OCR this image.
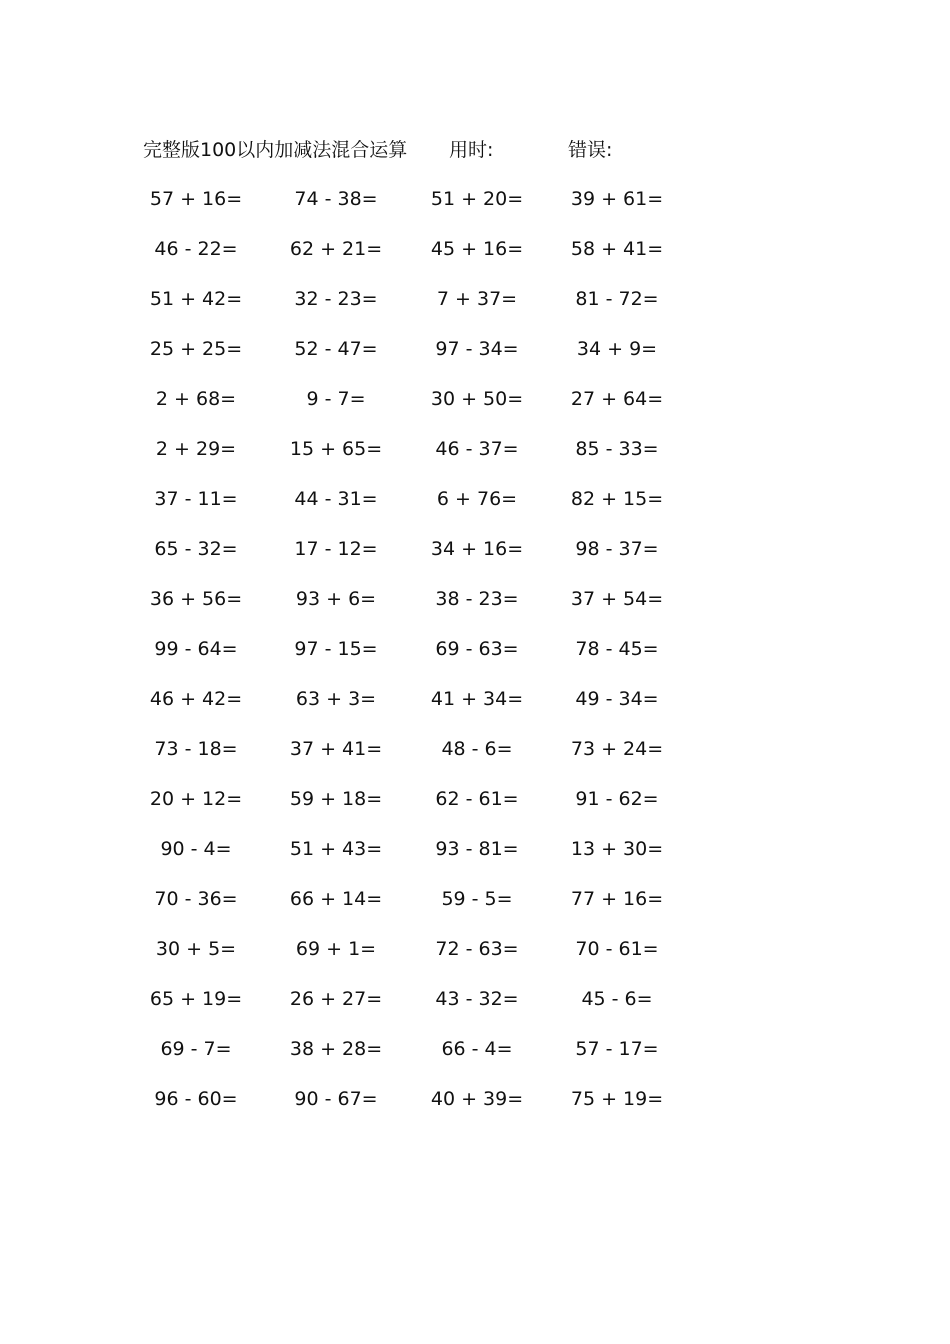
完整版100以内加减法混合运算 用时:	错误:
57 + 16=	74 - 38=	51 + 20=	39 + 61=
46 - 22=	62 + 21=	45 + 16=	58 + 41=
51 + 42=	32 - 23=	7 + 37=	81 - 72=
25 + 25=	52 - 47=	97 - 34=	34 + 9=
2 + 68=	9 - 7=	30 + 50=	27 + 64=
2 + 29=	15 + 65=	46 - 37=	85 - 33=
37 - 11=	44 - 31=	6 + 76=	82 + 15=
65 - 32=	17 - 12=	34 + 16=	98 - 37=
36 + 56=	93 + 6=	38 - 23=	37 + 54=
99 - 64=	97 - 15=	69 - 63=	78 - 45=
46 + 42=	63 + 3=	41 + 34=	49 - 34=
73 - 18=	37 + 41=	48 - 6=	73 + 24=
20 + 12=	59 + 18=	62 - 61=	91 - 62=
90 - 4=	51 + 43=	93 - 81=	13 + 30=
70 - 36=	66 + 14=	59 - 5=	77 + 16=
30 + 5=	69 + 1=	72 - 63=	70 - 61=
65 + 19=	26 + 27=	43 - 32=	45 - 6=
69 - 7=	38 + 28=	66 - 4=	57 - 17=
96 - 60=	90 - 67=	40 + 39=	75 + 19=
